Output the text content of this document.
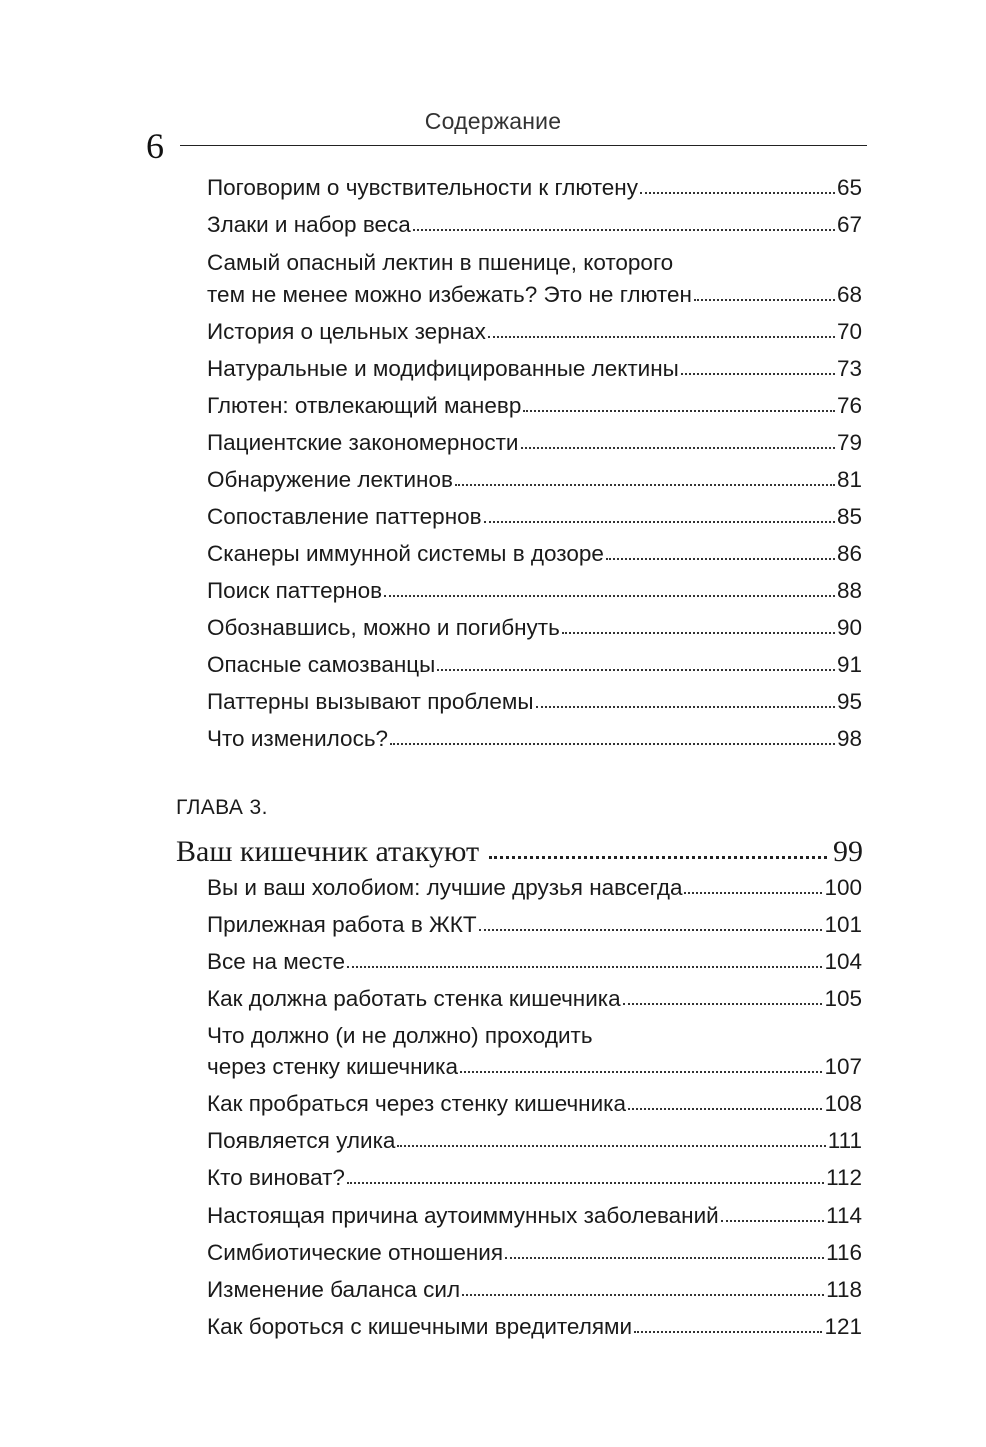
Содержание
6
Поговорим о чувствительности к глютену	65
Злаки и набор веса	67
Самый опасный лектин в пшенице, которого
тем не менее можно избежать? Это не глютен	68
История о цельных зернах	70
Натуральные и модифицированные лектины	73
Глютен: отвлекающий маневр	76
Пациентские закономерности	79
Обнаружение лектинов	81
Сопоставление паттернов	85
Сканеры иммунной системы в дозоре	86
Поиск паттернов	88
Обознавшись, можно и погибнуть	90
Опасные самозванцы	91
Паттерны вызывают проблемы	95
Что изменилось?	98
ГЛАВА 3.
Ваш кишечник атакуют	99
Вы и ваш холобиом: лучшие друзья навсегда	100
Прилежная работа в ЖКТ	101
Все на месте	104
Как должна работать стенка кишечника	105
Что должно (и не должно) проходить
через стенку кишечника	107
Как пробраться через стенку кишечника	108
Появляется улика	111
Кто виноват?	112
Настоящая причина аутоиммунных заболеваний	114
Симбиотические отношения	116
Изменение баланса сил	118
Как бороться с кишечными вредителями	121
